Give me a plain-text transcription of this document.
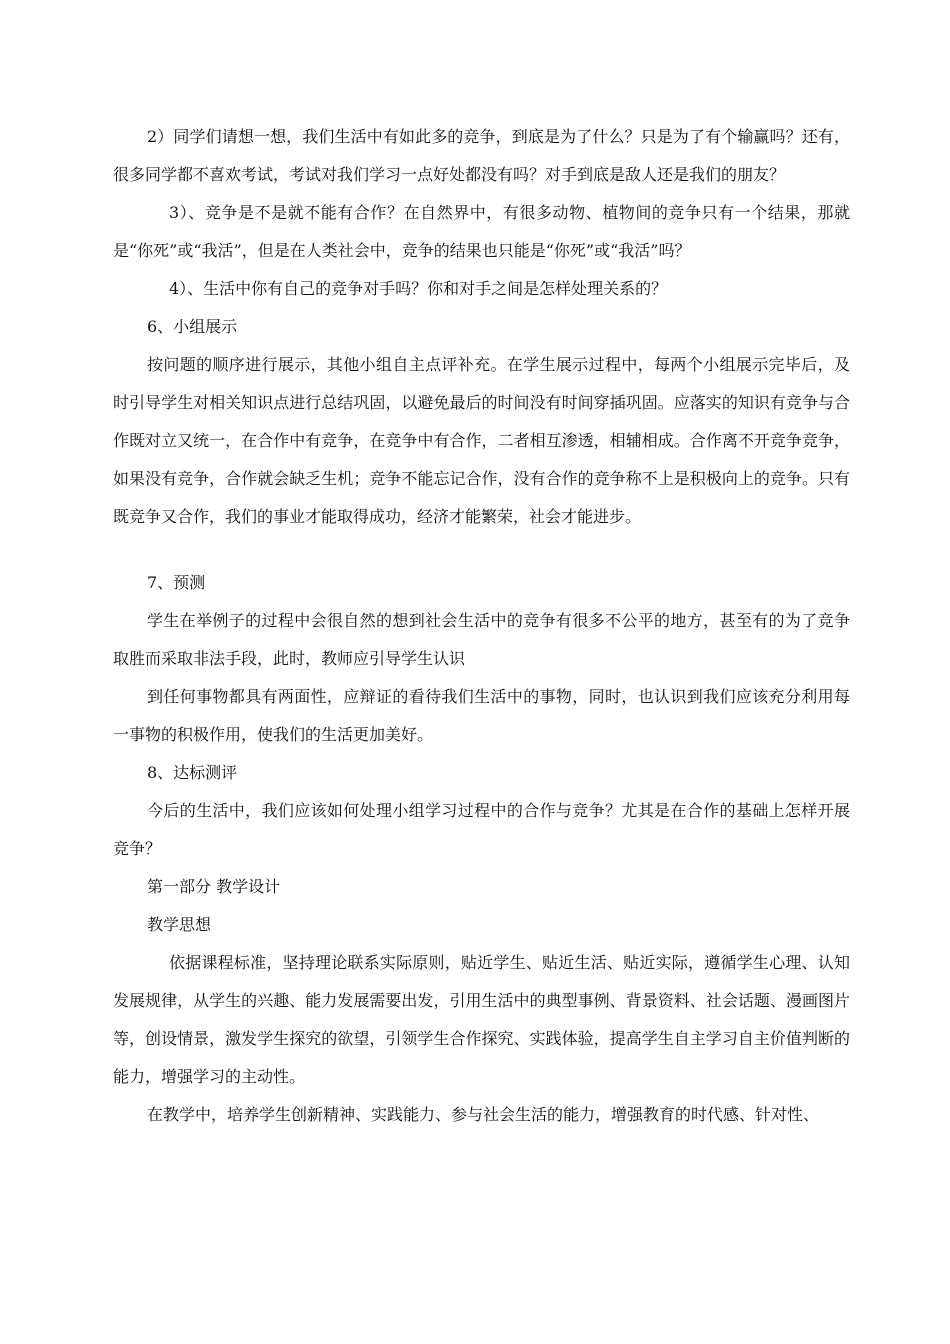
2）同学们请想一想，我们生活中有如此多的竞争，到底是为了什么？只是为了有个输赢吗？还有，很多同学都不喜欢考试，考试对我们学习一点好处都没有吗？对手到底是敌人还是我们的朋友？

3）、竞争是不是就不能有合作？在自然界中，有很多动物、植物间的竞争只有一个结果，那就是“你死”或“我活”，但是在人类社会中，竞争的结果也只能是“你死”或“我活”吗？

4）、生活中你有自己的竞争对手吗？你和对手之间是怎样处理关系的？

6、小组展示

按问题的顺序进行展示，其他小组自主点评补充。在学生展示过程中，每两个小组展示完毕后，及时引导学生对相关知识点进行总结巩固，以避免最后的时间没有时间穿插巩固。应落实的知识有竞争与合作既对立又统一，在合作中有竞争，在竞争中有合作，二者相互渗透，相辅相成。合作离不开竞争竞争，如果没有竞争，合作就会缺乏生机；竞争不能忘记合作，没有合作的竞争称不上是积极向上的竞争。只有既竞争又合作，我们的事业才能取得成功，经济才能繁荣，社会才能进步。

7、预测

学生在举例子的过程中会很自然的想到社会生活中的竞争有很多不公平的地方，甚至有的为了竞争取胜而采取非法手段，此时，教师应引导学生认识

到任何事物都具有两面性，应辩证的看待我们生活中的事物，同时，也认识到我们应该充分利用每一事物的积极作用，使我们的生活更加美好。

8、达标测评

今后的生活中，我们应该如何处理小组学习过程中的合作与竞争？尤其是在合作的基础上怎样开展竞争？

第一部分 教学设计

教学思想

依据课程标准，坚持理论联系实际原则，贴近学生、贴近生活、贴近实际，遵循学生心理、认知发展规律，从学生的兴趣、能力发展需要出发，引用生活中的典型事例、背景资料、社会话题、漫画图片等，创设情景，激发学生探究的欲望，引领学生合作探究、实践体验，提高学生自主学习自主价值判断的能力，增强学习的主动性。

在教学中，培养学生创新精神、实践能力、参与社会生活的能力，增强教育的时代感、针对性、
